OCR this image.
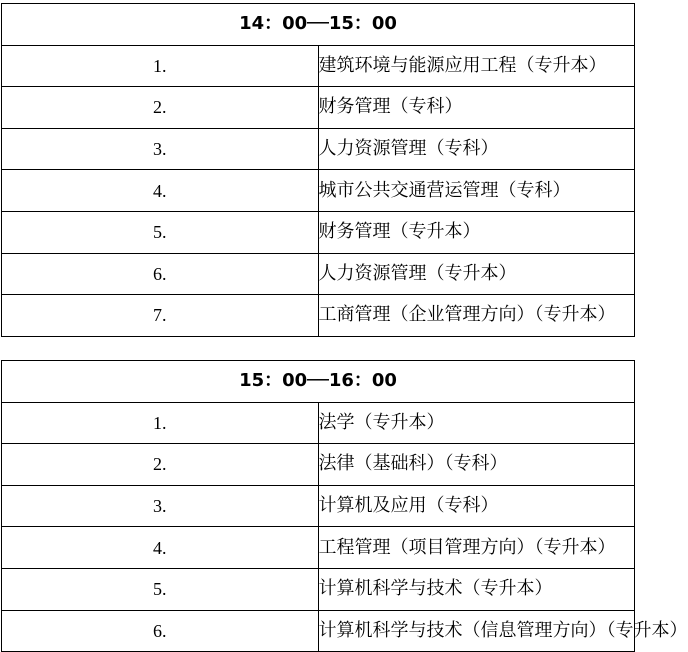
14：00──15：00	
1.	建筑环境与能源应用工程（专升本）
2.	财务管理（专科）
3.	人力资源管理（专科）
4.	城市公共交通营运管理（专科）
5.	财务管理（专升本）
6.	人力资源管理（专升本）
7.	工商管理（企业管理方向）（专升本）
15：00──16：00	
1.	法学（专升本）
2.	法律（基础科）（专科）
3.	计算机及应用（专科）
4.	工程管理（项目管理方向）（专升本）
5.	计算机科学与技术（专升本）
6.	计算机科学与技术（信息管理方向）（专升本）
